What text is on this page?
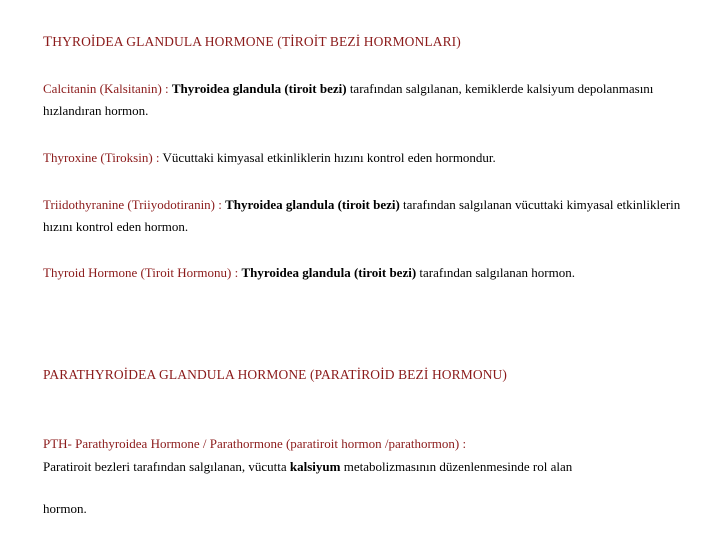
THYROİDEA GLANDULA HORMONE (TİROİT BEZİ HORMONLARI)

Calcitanin (Kalsitanin) : Thyroidea glandula (tiroit bezi) tarafından salgılanan, kemiklerde kalsiyum depolanmasını hızlandıran hormon.

Thyroxine (Tiroksin) : Vücuttaki kimyasal etkinliklerin hızını kontrol eden hormondur.

Triidothyranine (Triiyodotiranin) : Thyroidea glandula (tiroit bezi) tarafından salgılanan vücuttaki kimyasal etkinliklerin hızını kontrol eden hormon.

Thyroid Hormone (Tiroit Hormonu) : Thyroidea glandula (tiroit bezi) tarafından salgılanan hormon.

PARATHYROİDEA GLANDULA HORMONE (PARATİROİD BEZİ HORMONU)

PTH- Parathyroidea Hormone / Parathormone (paratiroit hormon /parathormon) :

Paratiroit bezleri tarafından salgılanan, vücutta kalsiyum metabolizmasının düzenlenmesinde rol alan

hormon.
